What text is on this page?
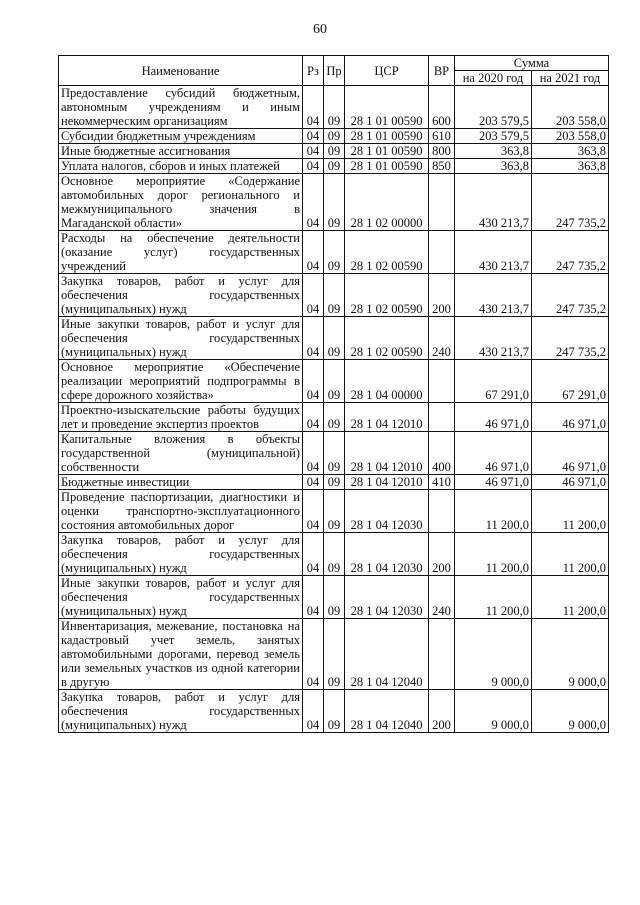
60
Наименование	Рз	Пр	ЦСР	ВР	Сумма	
					на 2020 год	на 2021 год
Предоставление субсидий бюджетным, автономным учреждениям и иным некоммерческим организациям	04	09	28 1 01 00590	600	203 579,5	203 558,0
Субсидии бюджетным учреждениям	04	09	28 1 01 00590	610	203 579,5	203 558,0
Иные бюджетные ассигнования	04	09	28 1 01 00590	800	363,8	363,8
Уплата налогов, сборов и иных платежей	04	09	28 1 01 00590	850	363,8	363,8
Основное мероприятие «Содержание автомобильных дорог регионального и межмуниципального значения в Магаданской области»	04	09	28 1 02 00000		430 213,7	247 735,2
Расходы на обеспечение деятельности (оказание услуг) государственных учреждений	04	09	28 1 02 00590		430 213,7	247 735,2
Закупка товаров, работ и услуг для обеспечения государственных (муниципальных) нужд	04	09	28 1 02 00590	200	430 213,7	247 735,2
Иные закупки товаров, работ и услуг для обеспечения государственных (муниципальных) нужд	04	09	28 1 02 00590	240	430 213,7	247 735,2
Основное мероприятие «Обеспечение реализации мероприятий подпрограммы в сфере дорожного хозяйства»	04	09	28 1 04 00000		67 291,0	67 291,0
Проектно-изыскательские работы будущих лет и проведение экспертиз проектов	04	09	28 1 04 12010		46 971,0	46 971,0
Капитальные вложения в объекты государственной (муниципальной) собственности	04	09	28 1 04 12010	400	46 971,0	46 971,0
Бюджетные инвестиции	04	09	28 1 04 12010	410	46 971,0	46 971,0
Проведение паспортизации, диагностики и оценки транспортно-эксплуатационного состояния автомобильных дорог	04	09	28 1 04 12030		11 200,0	11 200,0
Закупка товаров, работ и услуг для обеспечения государственных (муниципальных) нужд	04	09	28 1 04 12030	200	11 200,0	11 200,0
Иные закупки товаров, работ и услуг для обеспечения государственных (муниципальных) нужд	04	09	28 1 04 12030	240	11 200,0	11 200,0
Инвентаризация, межевание, постановка на кадастровый учет земель, занятых автомобильными дорогами, перевод земель или земельных участков из одной категории в другую	04	09	28 1 04 12040		9 000,0	9 000,0
Закупка товаров, работ и услуг для обеспечения государственных (муниципальных) нужд	04	09	28 1 04 12040	200	9 000,0	9 000,0
